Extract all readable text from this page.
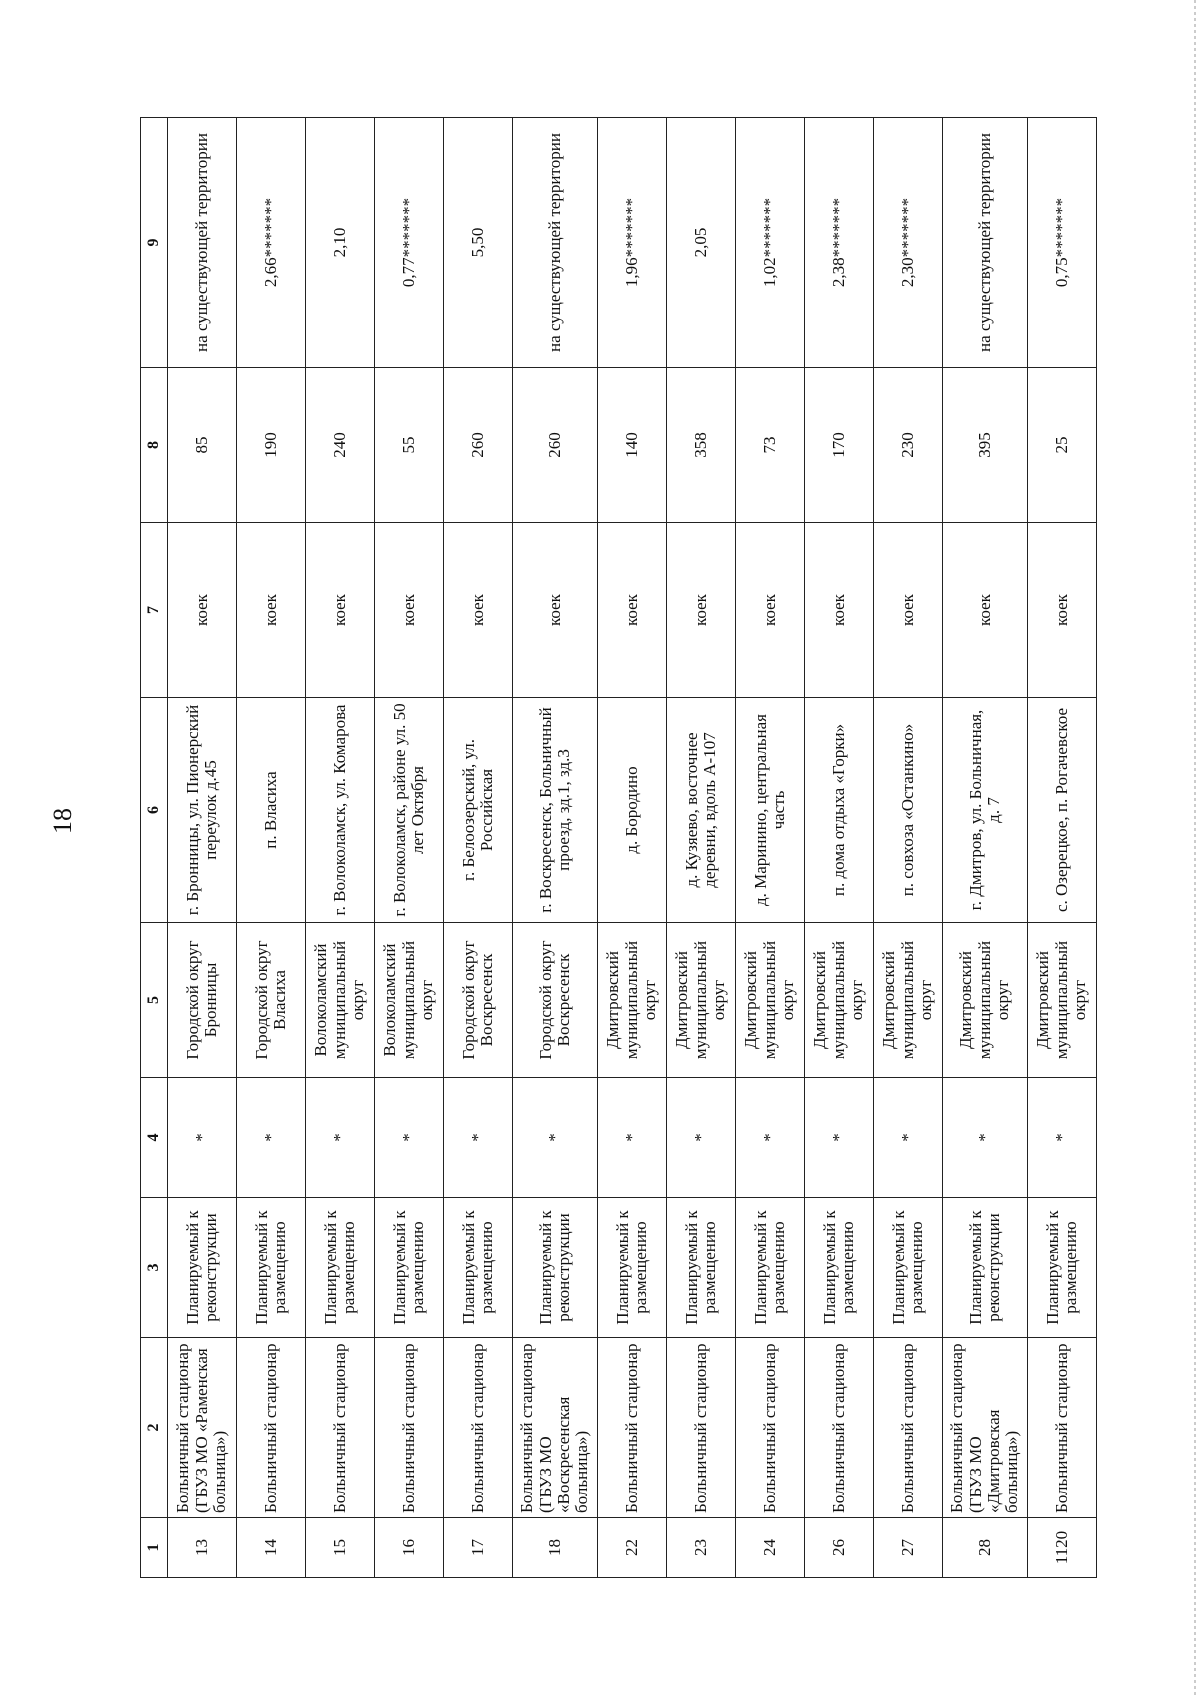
18
1	2	3	4	5	6	7	8	9
13	Больничный стационар (ГБУЗ МО «Раменская больница»)	Планируемый к реконструкции	*	Городской округ Бронницы	г. Бронницы, ул. Пионерский переулок д.45	коек	85	на существующей территории
14	Больничный стационар	Планируемый к размещению	*	Городской округ Власиха	п. Власиха	коек	190	2,66*******
15	Больничный стационар	Планируемый к размещению	*	Волоколамский муниципальный округ	г. Волоколамск, ул. Комарова	коек	240	2,10
16	Больничный стационар	Планируемый к размещению	*	Волоколамский муниципальный округ	г. Волоколамск, районе ул. 50 лет Октября	коек	55	0,77*******
17	Больничный стационар	Планируемый к размещению	*	Городской округ Воскресенск	г. Белоозерский, ул. Российская	коек	260	5,50
18	Больничный стационар (ГБУЗ МО «Воскресенская больница»)	Планируемый к реконструкции	*	Городской округ Воскресенск	г. Воскресенск, Больничный проезд, зд.1, зд.3	коек	260	на существующей территории
22	Больничный стационар	Планируемый к размещению	*	Дмитровский муниципальный округ	д. Бородино	коек	140	1,96*******
23	Больничный стационар	Планируемый к размещению	*	Дмитровский муниципальный округ	д. Кузяево, восточнее деревни, вдоль А-107	коек	358	2,05
24	Больничный стационар	Планируемый к размещению	*	Дмитровский муниципальный округ	д. Маринино, центральная часть	коек	73	1,02*******
26	Больничный стационар	Планируемый к размещению	*	Дмитровский муниципальный округ	п. дома отдыха «Горки»	коек	170	2,38*******
27	Больничный стационар	Планируемый к размещению	*	Дмитровский муниципальный округ	п. совхоза «Останкино»	коек	230	2,30*******
28	Больничный стационар (ГБУЗ МО «Дмитровская больница»)	Планируемый к реконструкции	*	Дмитровский муниципальный округ	г. Дмитров, ул. Больничная, д. 7	коек	395	на существующей территории
1120	Больничный стационар	Планируемый к размещению	*	Дмитровский муниципальный округ	с. Озерецкое, п. Рогачевское	коек	25	0,75*******
